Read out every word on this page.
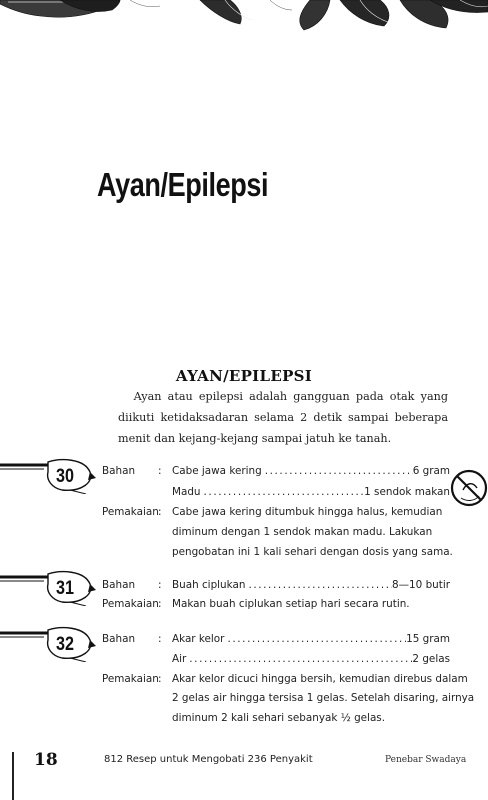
Ayan/Epilepsi
AYAN/EPILEPSI

Ayan atau epilepsi adalah gangguan pada otak yang diikuti ketidaksadaran selama 2 detik sampai beberapa menit dan kejang-kejang sampai jatuh ke tanah.

30	Bahan : Cabe jawa kering .....	6 gram
Madu .....	1 sendok makan
Pemakaian : Cabe jawa kering ditumbuk hingga halus, kemudian
diminum dengan 1 sendok makan madu. Lakukan
pengobatan ini 1 kali sehari dengan dosis yang sama.
31	Bahan : Buah ciplukan .....	8—10 butir
Pemakaian : Makan buah ciplukan setiap hari secara rutin.
32	Bahan : Akar kelor .....	15 gram
Air .....	2 gelas
Pemakaian : Akar kelor dicuci hingga bersih, kemudian direbus dalam
2 gelas air hingga tersisa 1 gelas. Setelah disaring, airnya
diminum 2 kali sehari sebanyak ½ gelas.
18	812 Resep untuk Mengobati 236 Penyakit	Penebar Swadaya
